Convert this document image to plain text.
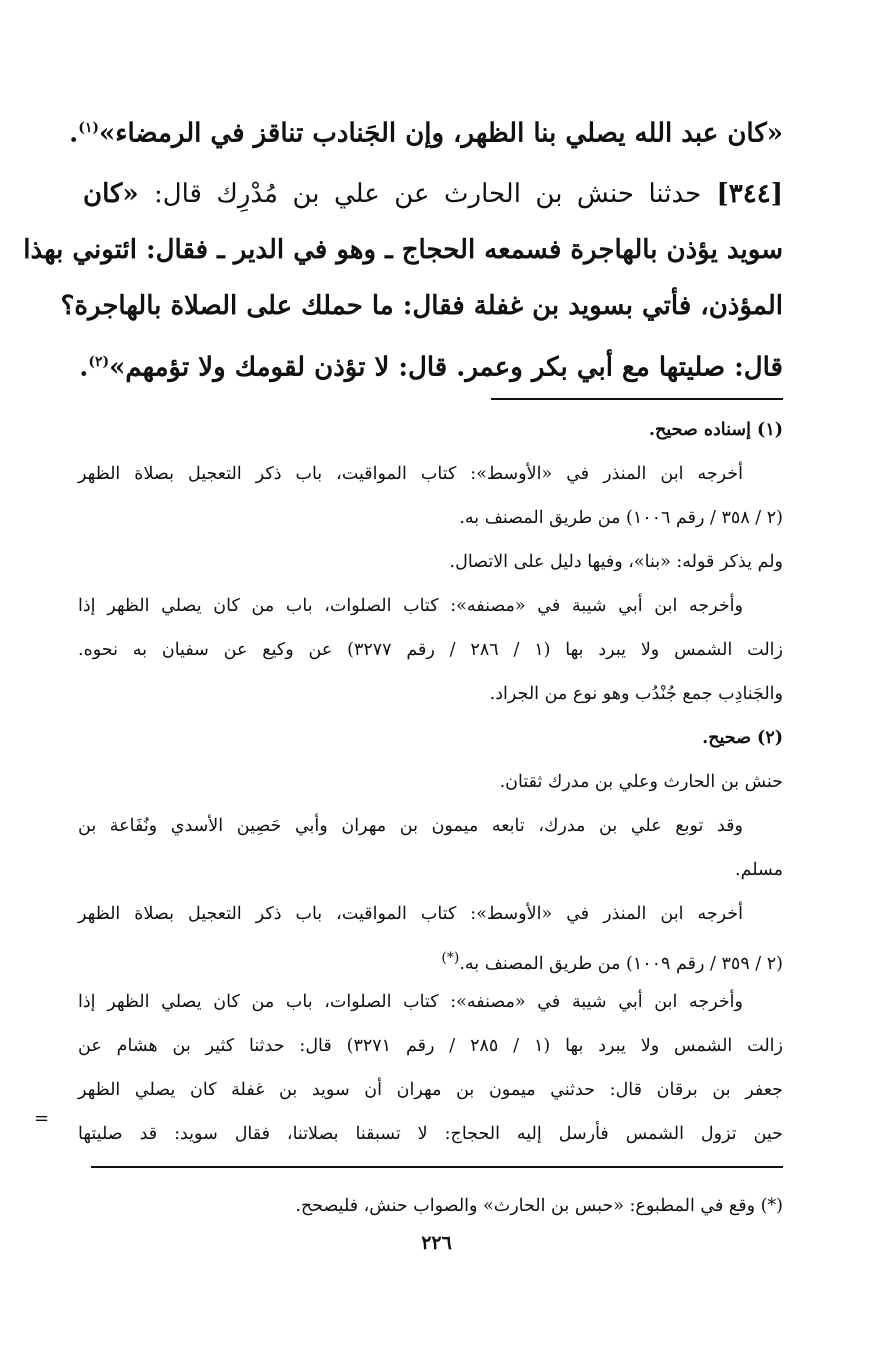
«كان عبد الله يصلي بنا الظهر، وإن الجَنادب تناقز في الرمضاء»$^{(١)}$.
[٣٤٤] حدثنا حنش بن الحارث عن علي بن مُدْرِك قال: «كان
سويد يؤذن بالهاجرة فسمعه الحجاج ـ وهو في الدير ـ فقال: ائتوني بهذا
المؤذن، فأتي بسويد بن غفلة فقال: ما حملك على الصلاة بالهاجرة؟
قال: صليتها مع أبي بكر وعمر. قال: لا تؤذن لقومك ولا تؤمهم»$^{(٢)}$.
(١) إسناده صحيح.
أخرجه ابن المنذر في «الأوسط»: كتاب المواقيت، باب ذكر التعجيل بصلاة الظهر
(٢ / ٣٥٨ / رقم ١٠٠٦) من طريق المصنف به.
ولم يذكر قوله: «بنا»، وفيها دليل على الاتصال.
وأخرجه ابن أبي شيبة في «مصنفه»: كتاب الصلوات، باب من كان يصلي الظهر إذا
زالت الشمس ولا يبرد بها (١ / ٢٨٦ / رقم ٣٢٧٧) عن وكيع عن سفيان به نحوه.
والجَنادِب جمع جُنْدُب وهو نوع من الجراد.
(٢) صحيح.
حنش بن الحارث وعلي بن مدرك ثقتان.
وقد توبع علي بن مدرك، تابعه ميمون بن مهران وأبي حَصِين الأسدي ونُفَاعة بن
مسلم.
أخرجه ابن المنذر في «الأوسط»: كتاب المواقيت، باب ذكر التعجيل بصلاة الظهر
(٢ / ٣٥٩ / رقم ١٠٠٩) من طريق المصنف به.(*)
وأخرجه ابن أبي شيبة في «مصنفه»: كتاب الصلوات، باب من كان يصلي الظهر إذا
زالت الشمس ولا يبرد بها (١ / ٢٨٥ / رقم ٣٢٧١) قال: حدثنا كثير بن هشام عن
جعفر بن برقان قال: حدثني ميمون بن مهران أن سويد بن غفلة كان يصلي الظهر
حين تزول الشمس فأرسل إليه الحجاج: لا تسبقنا بصلاتنا، فقال سويد: قد صليتها
=
(*) وقع في المطبوع: «حبس بن الحارث» والصواب حنش، فليصحح.
٢٢٦
